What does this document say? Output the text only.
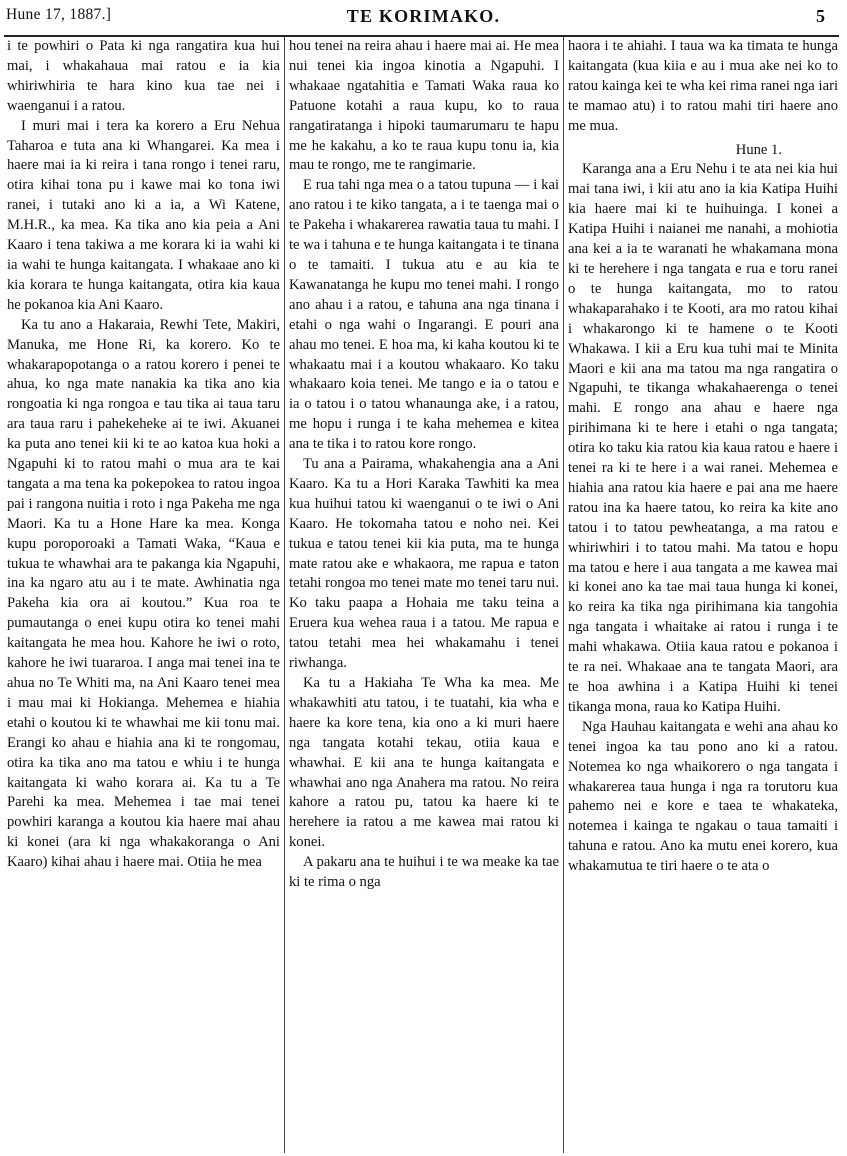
Hune 17, 1887.]	TE KORIMAKO.	5

i te powhiri o Pata ki nga rangatira kua hui mai, i whakahaua mai ratou e ia kia whiriwhiria te hara kino kua tae nei i waenganui i a ratou.

I muri mai i tera ka korero a Eru Nehua Taharoa e tuta ana ki Whangarei. Ka mea i haere mai ia ki reira i tana rongo i tenei raru, otira kihai tona pu i kawe mai ko tona iwi ranei, i tutaki ano ki a ia, a Wi Katene, M.H.R., ka mea. Ka tika ano kia peia a Ani Kaaro i tena takiwa a me korara ki ia wahi ki ia wahi te hunga kaitangata. I whakaae ano ki kia korara te hunga kaitangata, otira kia kaua he pokanoa kia Ani Kaaro.

Ka tu ano a Hakaraia, Rewhi Tete, Makiri, Manuka, me Hone Ri, ka korero. Ko te whakarapopotanga o a ratou korero i penei te ahua, ko nga mate nanakia ka tika ano kia rongoatia ki nga rongoa e tau tika ai taua taru ara taua raru i pahekeheke ai te iwi. Akuanei ka puta ano tenei kii ki te ao katoa kua hoki a Ngapuhi ki to ratou mahi o mua ara te kai tangata a ma tena ka pokepokea to ratou ingoa pai i rangona nuitia i roto i nga Pakeha me nga Maori. Ka tu a Hone Hare ka mea. Konga kupu poroporoaki a Tamati Waka, “Kaua e tukua te whawhai ara te pakanga kia Ngapuhi, ina ka ngaro atu au i te mate. Awhinatia nga Pakeha kia ora ai koutou.” Kua roa te pumautanga o enei kupu otira ko tenei mahi kaitangata he mea hou. Kahore he iwi o roto, kahore he iwi tuararoa. I anga mai tenei ina te ahua no Te Whiti ma, na Ani Kaaro tenei mea i mau mai ki Hokianga. Mehemea e hiahia etahi o koutou ki te whawhai me kii tonu mai. Erangi ko ahau e hiahia ana ki te rongomau, otira ka tika ano ma tatou e whiu i te hunga kaitangata ki waho korara ai. Ka tu a Te Parehi ka mea. Mehemea i tae mai tenei powhiri karanga a koutou kia haere mai ahau ki konei (ara ki nga whakakoranga o Ani Kaaro) kihai ahau i haere mai. Otiia he mea

hou tenei na reira ahau i haere mai ai. He mea nui tenei kia ingoa kinotia a Ngapuhi. I whakaae ngatahitia e Tamati Waka raua ko Patuone kotahi a raua kupu, ko to raua rangatiratanga i hipoki taumarumaru te hapu me he kakahu, a ko te raua kupu tonu ia, kia mau te rongo, me te rangimarie.

E rua tahi nga mea o a tatou tupuna — i kai ano ratou i te kiko tangata, a i te taenga mai o te Pakeha i whakarerea rawatia taua tu mahi. I te wa i tahuna e te hunga kaitangata i te tinana o te tamaiti. I tukua atu e au kia te Kawanatanga he kupu mo tenei mahi. I rongo ano ahau i a ratou, e tahuna ana nga tinana i etahi o nga wahi o Ingarangi. E pouri ana ahau mo tenei. E hoa ma, ki kaha koutou ki te whakaatu mai i a koutou whakaaro. Ko taku whakaaro koia tenei. Me tango e ia o tatou e ia o tatou i o tatou whanaunga ake, i a ratou, me hopu i runga i te kaha mehemea e kitea ana te tika i to ratou kore rongo.

Tu ana a Pairama, whakahengia ana a Ani Kaaro. Ka tu a Hori Karaka Tawhiti ka mea kua huihui tatou ki waenganui o te iwi o Ani Kaaro. He tokomaha tatou e noho nei. Kei tukua e tatou tenei kii kia puta, ma te hunga mate ratou ake e whakaora, me rapua e taton tetahi rongoa mo tenei mate mo tenei taru nui. Ko taku paapa a Hohaia me taku teina a Eruera kua wehea raua i a tatou. Me rapua e tatou tetahi mea hei whakamahu i tenei riwhanga.

Ka tu a Hakiaha Te Wha ka mea. Me whakawhiti atu tatou, i te tuatahi, kia wha e haere ka kore tena, kia ono a ki muri haere nga tangata kotahi tekau, otiia kaua e whawhai. E kii ana te hunga kaitangata e whawhai ano nga Anahera ma ratou. No reira kahore a ratou pu, tatou ka haere ki te herehere ia ratou a me kawea mai ratou ki konei.

A pakaru ana te huihui i te wa meake ka tae ki te rima o nga

haora i te ahiahi. I taua wa ka timata te hunga kaitangata (kua kiia e au i mua ake nei ko to ratou kainga kei te wha kei rima ranei nga iari te mamao atu) i to ratou mahi tiri haere ano me mua.

Hune 1.

Karanga ana a Eru Nehu i te ata nei kia hui mai tana iwi, i kii atu ano ia kia Katipa Huihi kia haere mai ki te huihuinga. I konei a Katipa Huihi i naianei me nanahi, a mohiotia ana kei a ia te waranati he whakamana mona ki te herehere i nga tangata e rua e toru ranei o te hunga kaitangata, mo to ratou whakaparahako i te Kooti, ara mo ratou kihai i whakarongo ki te hamene o te Kooti Whakawa. I kii a Eru kua tuhi mai te Minita Maori e kii ana ma tatou ma nga rangatira o Ngapuhi, te tikanga whakahaerenga o tenei mahi. E rongo ana ahau e haere nga pirihimana ki te here i etahi o nga tangata; otira ko taku kia ratou kia kaua ratou e haere i tenei ra ki te here i a wai ranei. Mehemea e hiahia ana ratou kia haere e pai ana me haere ratou ina ka haere tatou, ko reira ka kite ano tatou i to tatou pewheatanga, a ma ratou e whiriwhiri i to tatou mahi. Ma tatou e hopu ma tatou e here i aua tangata a me kawea mai ki konei ano ka tae mai taua hunga ki konei, ko reira ka tika nga pirihimana kia tangohia nga tangata i whaitake ai ratou i runga i te mahi whakawa. Otiia kaua ratou e pokanoa i te ra nei. Whakaae ana te tangata Maori, ara te hoa awhina i a Katipa Huihi ki tenei tikanga mona, raua ko Katipa Huihi.

Nga Hauhau kaitangata e wehi ana ahau ko tenei ingoa ka tau pono ano ki a ratou. Notemea ko nga whaikorero o nga tangata i whakarerea taua hunga i nga ra torutoru kua pahemo nei e kore e taea te whakateka, notemea i kainga te ngakau o taua tamaiti i tahuna e ratou. Ano ka mutu enei korero, kua whakamutua te tiri haere o te ata o
